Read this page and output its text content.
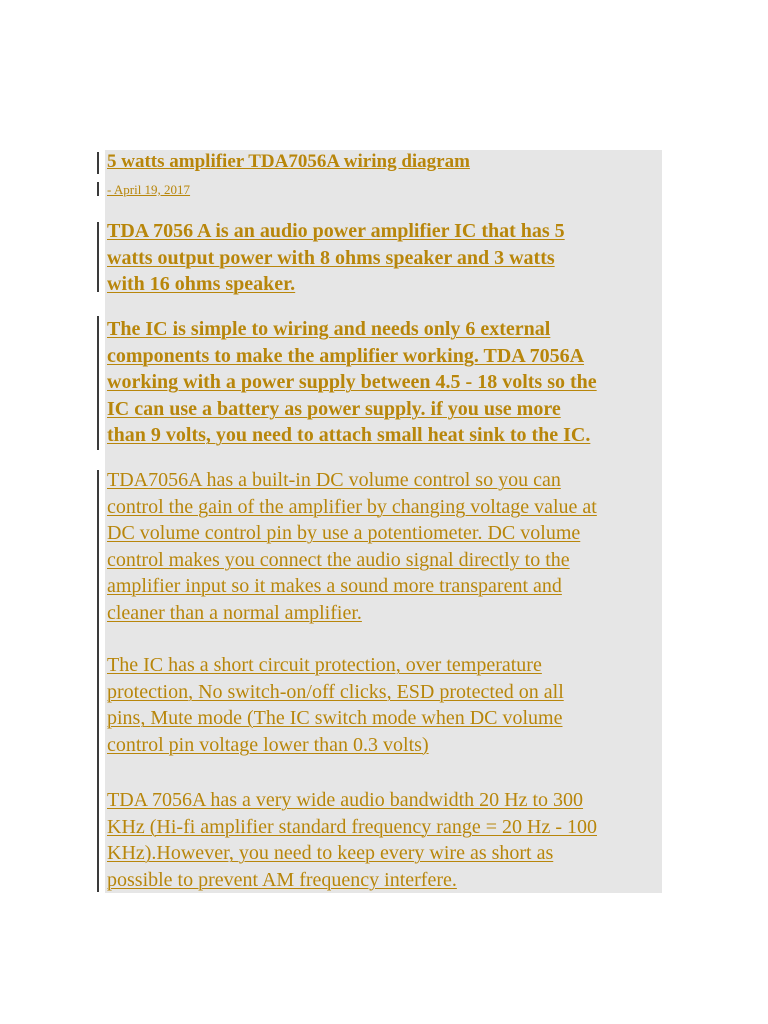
5 watts amplifier TDA7056A wiring diagram
- April 19, 2017

TDA 7056 A is an audio power amplifier IC that has 5
watts output power with 8 ohms speaker and 3 watts
with 16 ohms speaker.

The IC is simple to wiring and needs only 6 external
components to make the amplifier working. TDA 7056A
working with a power supply between 4.5 - 18 volts so the
IC can use a battery as power supply. if you use more
than 9 volts, you need to attach small heat sink to the IC.

TDA7056A has a built-in DC volume control so you can
control the gain of the amplifier by changing voltage value at
DC volume control pin by use a potentiometer. DC volume
control makes you connect the audio signal directly to the
amplifier input so it makes a sound more transparent and
cleaner than a normal amplifier.

The IC has a short circuit protection, over temperature
protection, No switch-on/off clicks, ESD protected on all
pins, Mute mode (The IC switch mode when DC volume
control pin voltage lower than 0.3 volts)

TDA 7056A has a very wide audio bandwidth 20 Hz to 300
KHz (Hi-fi amplifier standard frequency range = 20 Hz - 100
KHz).However, you need to keep every wire as short as
possible to prevent AM frequency interfere.
